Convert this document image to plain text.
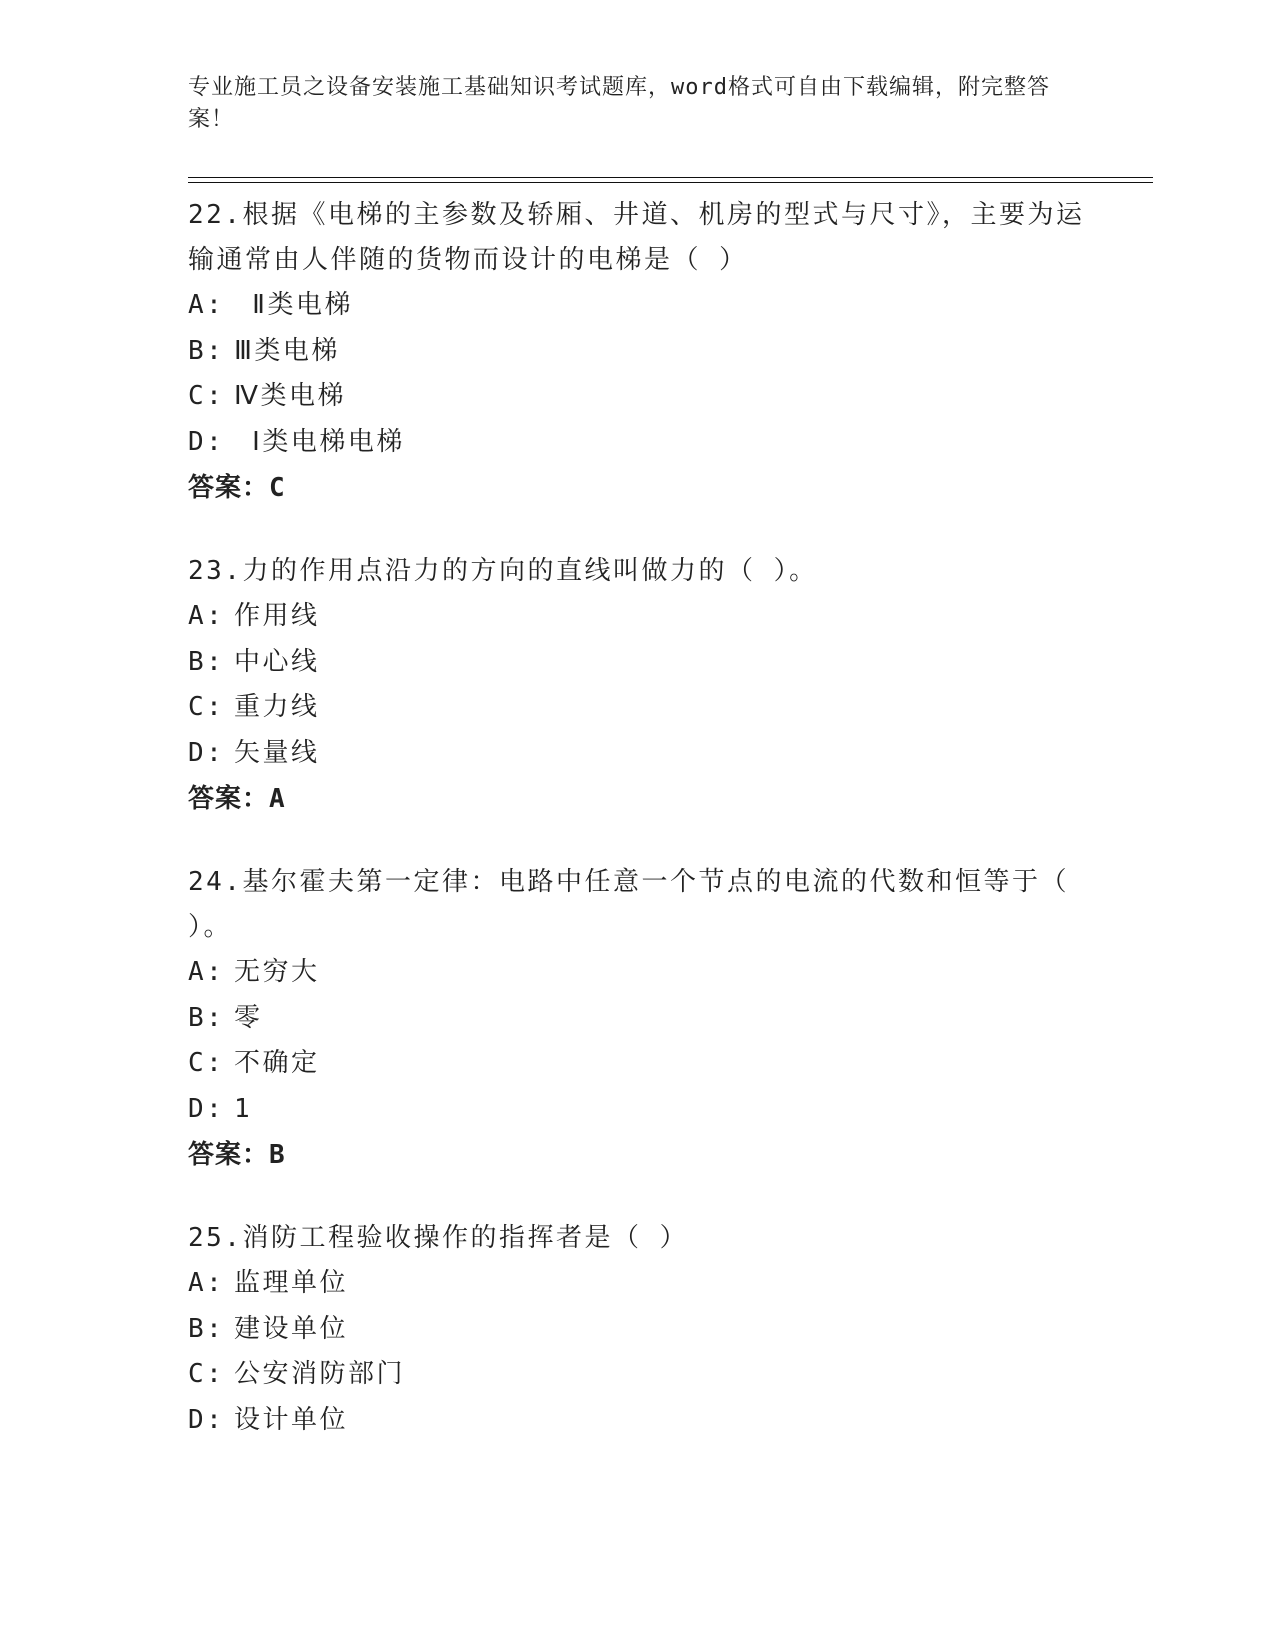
专业施工员之设备安装施工基础知识考试题库，word格式可自由下载编辑，附完整答案！
22.根据《电梯的主参数及轿厢、井道、机房的型式与尺寸》，主要为运输通常由人伴随的货物而设计的电梯是（ ）
A: Ⅱ类电梯
B: Ⅲ类电梯
C: Ⅳ类电梯
D: Ⅰ类电梯电梯
答案：C
23.力的作用点沿力的方向的直线叫做力的（ ）。
A: 作用线
B: 中心线
C: 重力线
D: 矢量线
答案：A
24.基尔霍夫第一定律：电路中任意一个节点的电流的代数和恒等于（ ）。
A: 无穷大
B: 零
C: 不确定
D: 1
答案：B
25.消防工程验收操作的指挥者是（ ）
A: 监理单位
B: 建设单位
C: 公安消防部门
D: 设计单位
